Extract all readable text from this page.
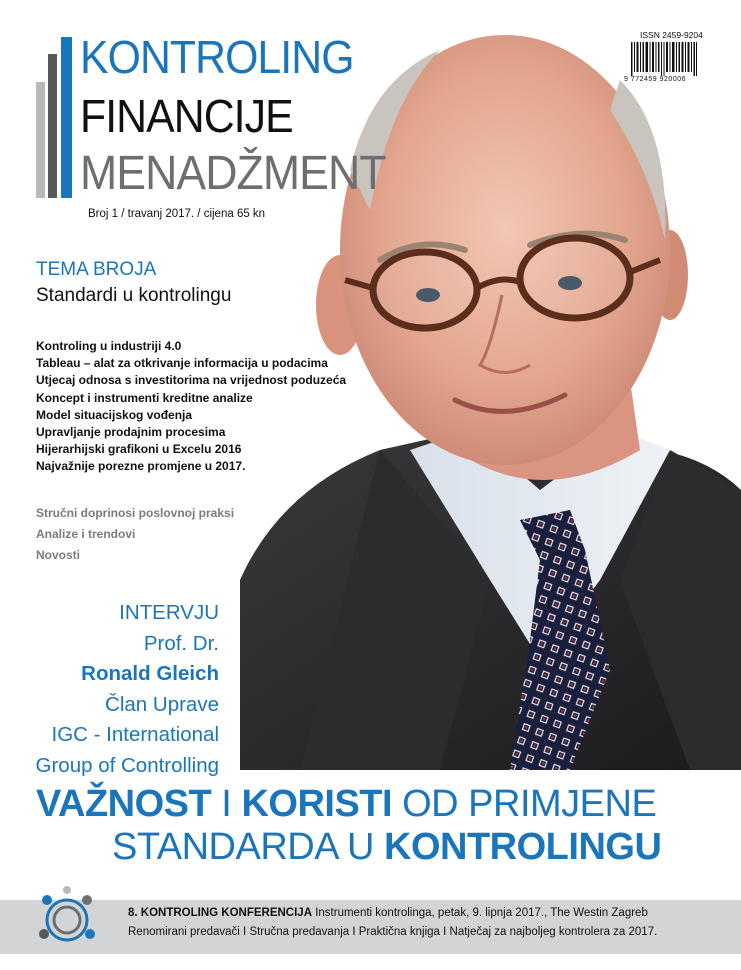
KONTROLING
FINANCIJE
MENADŽMENT
Broj 1 / travanj 2017. / cijena 65 kn
ISSN 2459-9204
9 772459 920006
TEMA BROJA
Standardi u kontrolingu
Kontroling u industriji 4.0
Tableau – alat za otkrivanje informacija u podacima
Utjecaj odnosa s investitorima na vrijednost poduzeća
Koncept i instrumenti kreditne analize
Model situacijskog vođenja
Upravljanje prodajnim procesima
Hijerarhijski grafikoni u Excelu 2016
Najvažnije porezne promjene u 2017.
Stručni doprinosi poslovnoj praksi
Analize i trendovi
Novosti
INTERVJU
Prof. Dr.
Ronald Gleich
Član Uprave
IGC - International
Group of Controlling
VAŽNOST I KORISTI OD PRIMJENE
STANDARDA U KONTROLINGU
8. KONTROLING KONFERENCIJA Instrumenti kontrolinga, petak, 9. lipnja 2017., The Westin Zagreb
Renomirani predavači I Stručna predavanja I Praktična knjiga I Natječaj za najboljeg kontrolera za 2017.
